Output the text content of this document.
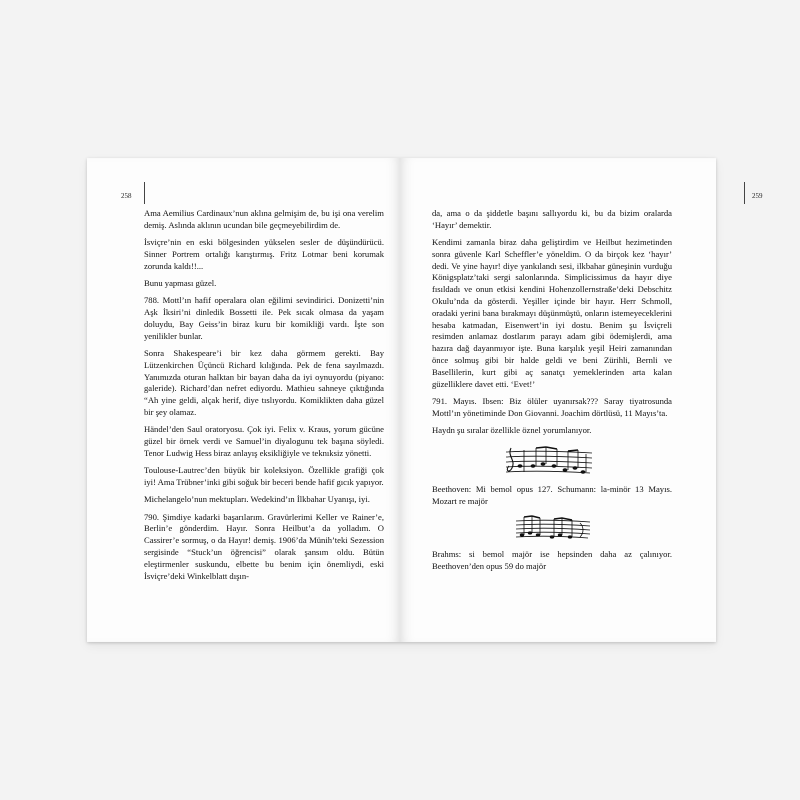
258

Ama Aemilius Cardinaux’nun aklına gelmişim de, bu işi ona verelim demiş. Aslında aklının ucundan bile geçmeyebilirdim de.

İsviçre’nin en eski bölgesinden yükselen sesler de düşündürücü. Sinner Portrem ortalığı karıştırmış. Fritz Lotmar beni korumak zorunda kaldı!!...

Bunu yapması güzel.

788. Mottl’ın hafif operalara olan eğilimi sevindirici. Donizetti’nin Aşk İksiri’ni dinledik Bossetti ile. Pek sıcak olmasa da yaşam doluydu, Bay Geiss’in biraz kuru bir komikliği vardı. İşte son yenilikler bunlar.

Sonra Shakespeare’i bir kez daha görmem gerekti. Bay Lützenkirchen Üçüncü Richard kılığında. Pek de fena sayılmazdı. Yanımızda oturan halktan bir bayan daha da iyi oynuyordu (piyano: galeride). Richard’dan nefret ediyordu. Mathieu sahneye çıktığında “Ah yine geldi, alçak herif, diye tıslıyordu. Komiklikten daha güzel bir şey olamaz.

Händel’den Saul oratoryosu. Çok iyi. Felix v. Kraus, yorum gücüne güzel bir örnek verdi ve Samuel’in diyalogunu tek başına söyledi. Tenor Ludwig Hess biraz anlayış eksikliğiyle ve teknıksiz yönetti.

Toulouse-Lautrec’den büyük bir koleksiyon. Özellikle grafiği çok iyi! Ama Trübner’inki gibi soğuk bir beceri bende hafif gıcık yapıyor.

Michelangelo’nun mektupları. Wedekind’ın İlkbahar Uyanışı, iyi.

790. Şimdiye kadarki başarılarım. Gravürlerimi Keller ve Rainer’e, Berlin’e gönderdim. Hayır. Sonra Heilbut’a da yolladım. O Cassirer’e sormuş, o da Hayır! demiş. 1906’da Münih’teki Sezession sergisinde “Stuck’un öğrencisi” olarak şansım oldu. Bütün eleştirmenler suskundu, elbette bu benim için önemliydi, eski İsviçre’deki Winkelblatt dışın-

259

da, ama o da şiddetle başını sallıyordu ki, bu da bizim oralarda ‘Hayır’ demektir.

Kendimi zamanla biraz daha geliştirdim ve Heilbut hezimetinden sonra güvenle Karl Scheffler’e yöneldim. O da birçok kez ‘hayır’ dedi. Ve yine hayır! diye yankılandı sesi, ilkbahar güneşinin vurduğu Königsplatz’taki sergi salonlarında. Simplicissimus da hayır diye fısıldadı ve onun etkisi kendini Hohenzollernstraße’deki Debschitz Okulu’nda da gösterdi. Yeşiller içinde bir hayır. Herr Schmoll, oradaki yerini bana bırakmayı düşünmüştü, onların istemeyeceklerini hesaba katmadan, Eisenwert’in iyi dostu. Benim şu İsviçreli resimden anlamaz dostlarım parayı adam gibi ödemişlerdi, ama hazıra dağ dayanmıyor işte. Buna karşılık yeşil Heiri zamanından önce solmuş gibi bir halde geldi ve beni Zürihli, Bernli ve Basellilerin, kurt gibi aç sanatçı yemeklerinden arta kalan güzelliklere davet etti. ‘Evet!’

791. Mayıs. Ibsen: Biz ölüler uyanırsak??? Saray tiyatrosunda Mottl’ın yönetiminde Don Giovanni. Joachim dörtlüsü, 11 Mayıs’ta.

Haydn şu sıralar özellikle öznel yorumlanıyor.

Beethoven: Mi bemol opus 127. Schumann: la-minör 13 Mayıs. Mozart re majör

Brahms: si bemol majör ise hepsinden daha az çalınıyor. Beethoven’den opus 59 do majör
